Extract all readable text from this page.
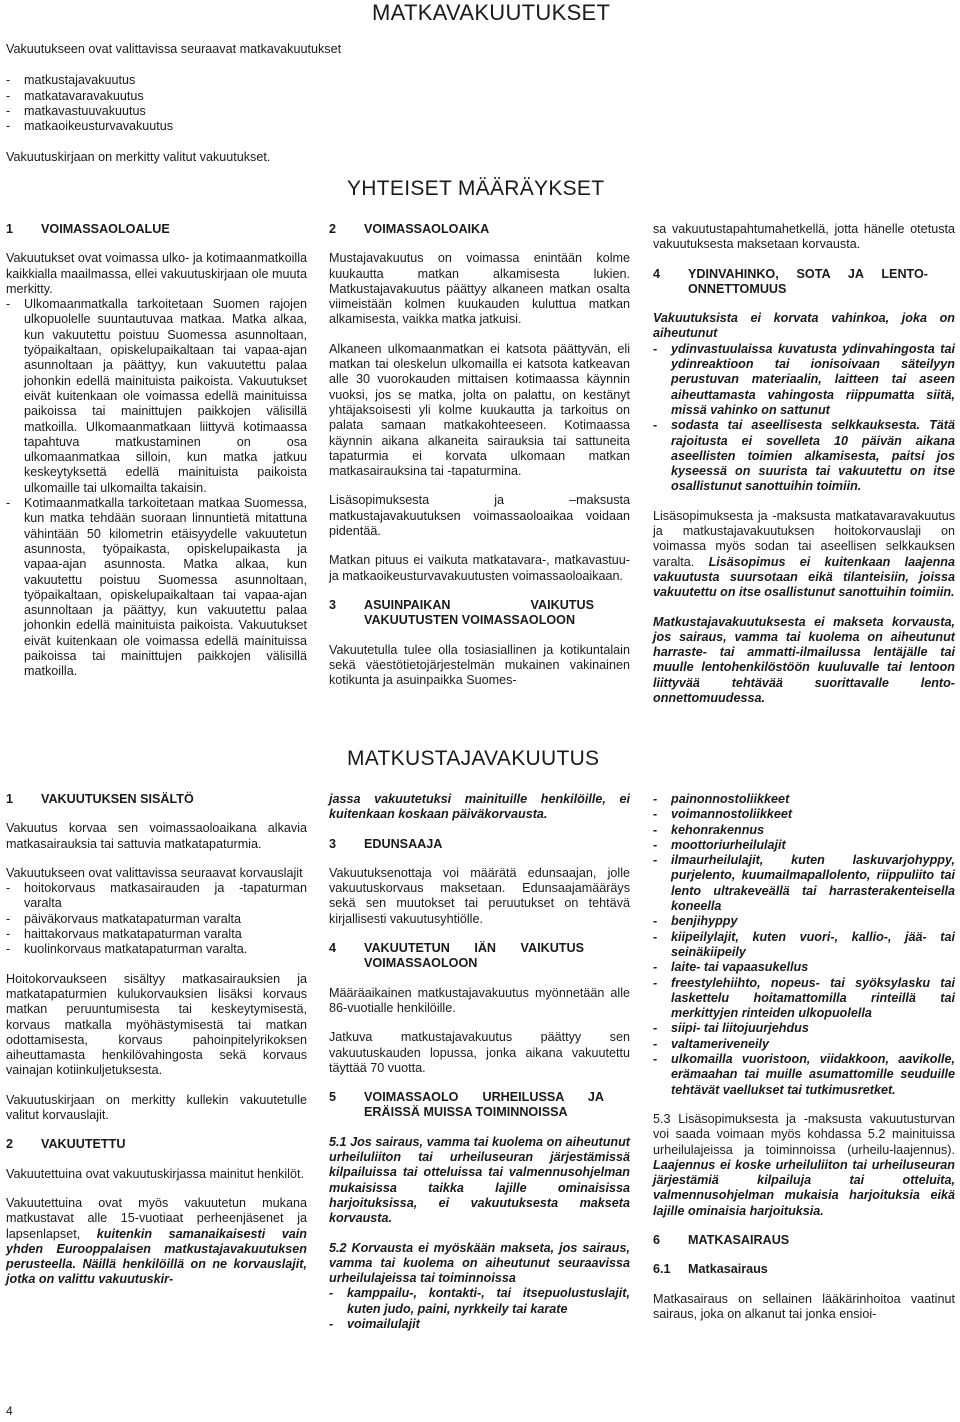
MATKAVAKUUTUKSET

Vakuutukseen ovat valittavissa seuraavat matkavakuutukset

- matkustajavakuutus
- matkatavaravakuutus
- matkavastuuvakuutus
- matkaoikeusturvavakuutus

Vakuutuskirjaan on merkitty valitut vakuutukset.

YHTEISET MÄÄRÄYKSET
1	VOIMASSAOLOALUE

Vakuutukset ovat voimassa ulko- ja kotimaanmatkoilla kaikkialla maailmassa, ellei vakuutuskirjaan ole muuta merkitty.

- Ulkomaanmatkalla tarkoitetaan Suomen rajojen ulkopuolelle suuntautuvaa matkaa. Matka alkaa, kun vakuutettu poistuu Suomessa asunnoltaan, työpaikaltaan, opiskelupaikaltaan tai vapaa-ajan asunnoltaan ja päättyy, kun vakuutettu palaa johonkin edellä mainituista paikoista. Vakuutukset eivät kuitenkaan ole voimassa edellä mainituissa paikoissa tai mainittujen paikkojen välisillä matkoilla. Ulkomaanmatkaan liittyvä kotimaassa tapahtuva matkustaminen on osa ulkomaanmatkaa silloin, kun matka jatkuu keskeytyksettä edellä mainituista paikoista ulkomaille tai ulkomailta takaisin.
- Kotimaanmatkalla tarkoitetaan matkaa Suomessa, kun matka tehdään suoraan linnuntietä mitattuna vähintään 50 kilometrin etäisyydelle vakuutetun asunnosta, työpaikasta, opiskelupaikasta ja vapaa-ajan asunnosta. Matka alkaa, kun vakuutettu poistuu Suomessa asunnoltaan, työpaikaltaan, opiskelupaikaltaan tai vapaa-ajan asunnoltaan ja päättyy, kun vakuutettu palaa johonkin edellä mainituista paikoista. Vakuutukset eivät kuitenkaan ole voimassa edellä mainituissa paikoissa tai mainittujen paikkojen välisillä matkoilla.
2	VOIMASSAOLOAIKA

Mustajavakuutus on voimassa enintään kolme kuukautta matkan alkamisesta lukien. Matkustajavakuutus päättyy alkaneen matkan osalta viimeistään kolmen kuukauden kuluttua matkan alkamisesta, vaikka matka jatkuisi.

Alkaneen ulkomaanmatkan ei katsota päättyvän, eli matkan tai oleskelun ulkomailla ei katsota katkeavan alle 30 vuorokauden mittaisen kotimaassa käynnin vuoksi, jos se matka, jolta on palattu, on kestänyt yhtäjaksoisesti yli kolme kuukautta ja tarkoitus on palata samaan matkakohteeseen. Kotimaassa käynnin aikana alkaneita sairauksia tai sattuneita tapaturmia ei korvata ulkomaan matkan matkasairauksina tai -tapaturmina.

Lisäsopimuksesta ja –maksusta matkustajavakuutuksen voimassaoloaikaa voidaan pidentää.

Matkan pituus ei vaikuta matkatavara-, matkavastuu- ja matkaoikeusturvavakuutusten voimassaoloaikaan.

3	ASUINPAIKAN VAIKUTUS VAKUUTUSTEN VOIMASSAOLOON

Vakuutetulla tulee olla tosiasiallinen ja kotikuntalain sekä väestötietojärjestelmän mukainen vakinainen kotikunta ja asuinpaikka Suomes-

sa vakuutustapahtumahetkellä, jotta hänelle otetusta vakuutuksesta maksetaan korvausta.

4	YDINVAHINKO, SOTA JA LENTO-ONNETTOMUUS

Vakuutuksista ei korvata vahinkoa, joka on aiheutunut

- ydinvastuulaissa kuvatusta ydinvahingosta tai ydinreaktioon tai ionisoivaan säteilyyn perustuvan materiaalin, laitteen tai aseen aiheuttamasta vahingosta riippumatta siitä, missä vahinko on sattunut
- sodasta tai aseellisesta selkkauksesta. Tätä rajoitusta ei sovelleta 10 päivän aikana aseellisten toimien alkamisesta, paitsi jos kyseessä on suurista tai vakuutettu on itse osallistunut sanottuihin toimiin.

Lisäsopimuksesta ja -maksusta matkatavaravakuutus ja matkustajavakuutuksen hoitokorvauslaji on voimassa myös sodan tai aseellisen selkkauksen varalta. Lisäsopimus ei kuitenkaan laajenna vakuutusta suursotaan eikä tilanteisiin, joissa vakuutettu on itse osallistunut sanottuihin toimiin.

Matkustajavakuutuksesta ei makseta korvausta, jos sairaus, vamma tai kuolema on aiheutunut harraste- tai ammatti-ilmailussa lentäjälle tai muulle lentohenkilöstöön kuuluvalle tai lentoon liittyvää tehtävää suorittavalle lento-onnettomuudessa.

MATKUSTAJAVAKUUTUS
1	VAKUUTUKSEN SISÄLTÖ

Vakuutus korvaa sen voimassaoloaikana alkavia matkasairauksia tai sattuvia matkatapaturmia.

Vakuutukseen ovat valittavissa seuraavat korvauslajit

- hoitokorvaus matkasairauden ja -tapaturman varalta
- päiväkorvaus matkatapaturman varalta
- haittakorvaus matkatapaturman varalta
- kuolinkorvaus matkatapaturman varalta.

Hoitokorvaukseen sisältyy matkasairauksien ja matkatapaturmien kulukorvauksien lisäksi korvaus matkan peruuntumisesta tai keskeytymisestä, korvaus matkalla myöhästymisestä tai matkan odottamisesta, korvaus pahoinpitelyrikoksen aiheuttamasta henkilövahingosta sekä korvaus vainajan kotiinkuljetuksesta.

Vakuutuskirjaan on merkitty kullekin vakuutetulle valitut korvauslajit.

2	VAKUUTETTU

Vakuutettuina ovat vakuutuskirjassa mainitut henkilöt.

Vakuutettuina ovat myös vakuutetun mukana matkustavat alle 15-vuotiaat perheenjäsenet ja lapsenlapset, kuitenkin samanaikaisesti vain yhden Eurooppalaisen matkustajavakuutuksen perusteella. Näillä henkilöillä on ne korvauslajit, jotka on valittu vakuutuskir-

jassa vakuutetuksi mainituille henkilöille, ei kuitenkaan koskaan päiväkorvausta.

3	EDUNSAAJA

Vakuutuksenottaja voi määrätä edunsaajan, jolle vakuutuskorvaus maksetaan. Edunsaajamääräys sekä sen muutokset tai peruutukset on tehtävä kirjallisesti vakuutusyhtiölle.

4	VAKUUTETUN IÄN VAIKUTUS VOIMASSAOLOON

Määräaikainen matkustajavakuutus myönnetään alle 86-vuotialle henkilöille.

Jatkuva matkustajavakuutus päättyy sen vakuutuskauden lopussa, jonka aikana vakuutettu täyttää 70 vuotta.

5	VOIMASSAOLO URHEILUSSA JA ERÄISSÄ MUISSA TOIMINNOISSA

5.1 Jos sairaus, vamma tai kuolema on aiheutunut urheiluliiton tai urheiluseuran järjestämissä kilpailuissa tai otteluissa tai valmennusohjelman mukaisissa taikka lajille ominaisissa harjoituksissa, ei vakuutuksesta makseta korvausta.

5.2 Korvausta ei myöskään makseta, jos sairaus, vamma tai kuolema on aiheutunut seuraavissa urheilulajeissa tai toiminnoissa

- kamppailu-, kontakti-, tai itsepuolustuslajit, kuten judo, paini, nyrkkeily tai karate
- voimailulajit
- painonnostoliikkeet
- voimannostoliikkeet
- kehonrakennus
- moottoriurheilulajit
- ilmaurheilulajit, kuten laskuvarjohyppy, purjelento, kuumailmapallolento, riippuliito tai lento ultrakeveällä tai harrasterakenteisella koneella
- benjihyppy
- kiipeilylajit, kuten vuori-, kallio-, jää- tai seinäkiipeily
- laite- tai vapaasukellus
- freestylehiihto, nopeus- tai syöksylasku tai laskettelu hoitamattomilla rinteillä tai merkittyjen rinteiden ulkopuolella
- siipi- tai liitojuurjehdus
- valtameriveneily
- ulkomailla vuoristoon, viidakkoon, aavikolle, erämaahan tai muille asumattomille seuduille tehtävät vaellukset tai tutkimusretket.

5.3 Lisäsopimuksesta ja -maksusta vakuutusturvan voi saada voimaan myös kohdassa 5.2 mainituissa urheilulajeissa ja toiminnoissa (urheilu-laajennus). Laajennus ei koske urheiluliiton tai urheiluseuran järjestämiä kilpailuja tai otteluita, valmennusohjelman mukaisia harjoituksia eikä lajille ominaisia harjoituksia.

6	MATKASAIRAUS
6.1	Matkasairaus

Matkasairaus on sellainen lääkärinhoitoa vaatinut sairaus, joka on alkanut tai jonka ensioi-

4
